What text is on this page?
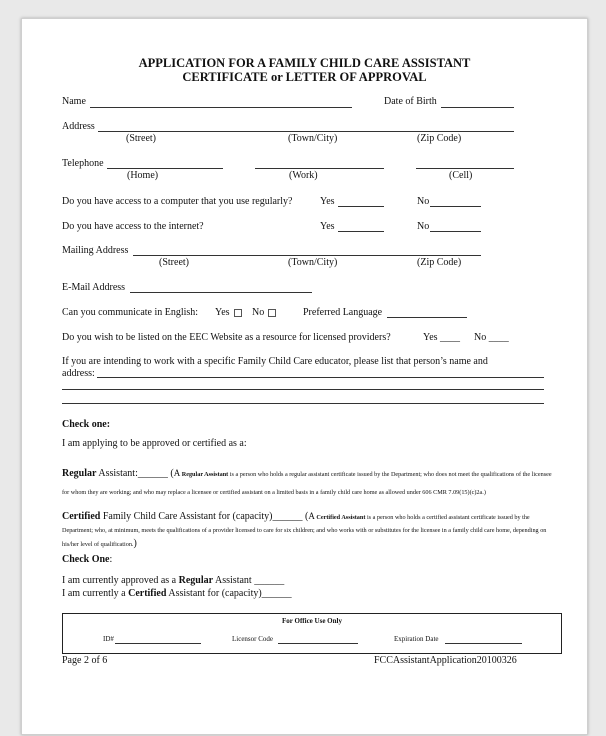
APPLICATION FOR A FAMILY CHILD CARE ASSISTANT
CERTIFICATE or LETTER OF APPROVAL
Name	Date of Birth
Address
(Street)	(Town/City)	(Zip Code)
Telephone
(Home)	(Work)	(Cell)
Do you have access to a computer that you use regularly?	Yes	No
Do you have access to the internet?	Yes	No
Mailing Address
(Street)	(Town/City)	(Zip Code)
E-Mail Address
Can you communicate in English: Yes No	Preferred Language
Do you wish to be listed on the EEC Website as a resource for licensed providers?	Yes ____ No ____
If you are intending to work with a specific Family Child Care educator, please list that person’s name and
address:
Check one:
I am applying to be approved or certified as a:
Regular Assistant:______ (A Regular Assistant is a person who holds a regular assistant certificate issued by the Department; who does not meet the qualifications of the licensee for whom they are working; and who may replace a licensee or certified assistant on a limited basis in a family child care home as allowed under 606 CMR 7.09(15)(c)2a.)
Certified Family Child Care Assistant for (capacity)______ (A Certified Assistant is a person who holds a certified assistant certificate issued by the Department; who, at minimum, meets the qualifications of a provider licensed to care for six children; and who works with or substitutes for the licensee in a family child care home, depending on his/her level of qualification.)
Check One:
I am currently approved as a Regular Assistant ______
I am currently a Certified Assistant for (capacity)______
For Office Use Only
ID#	Licensor Code	Expiration Date
Page 2 of 6	FCCAssistantApplication20100326
